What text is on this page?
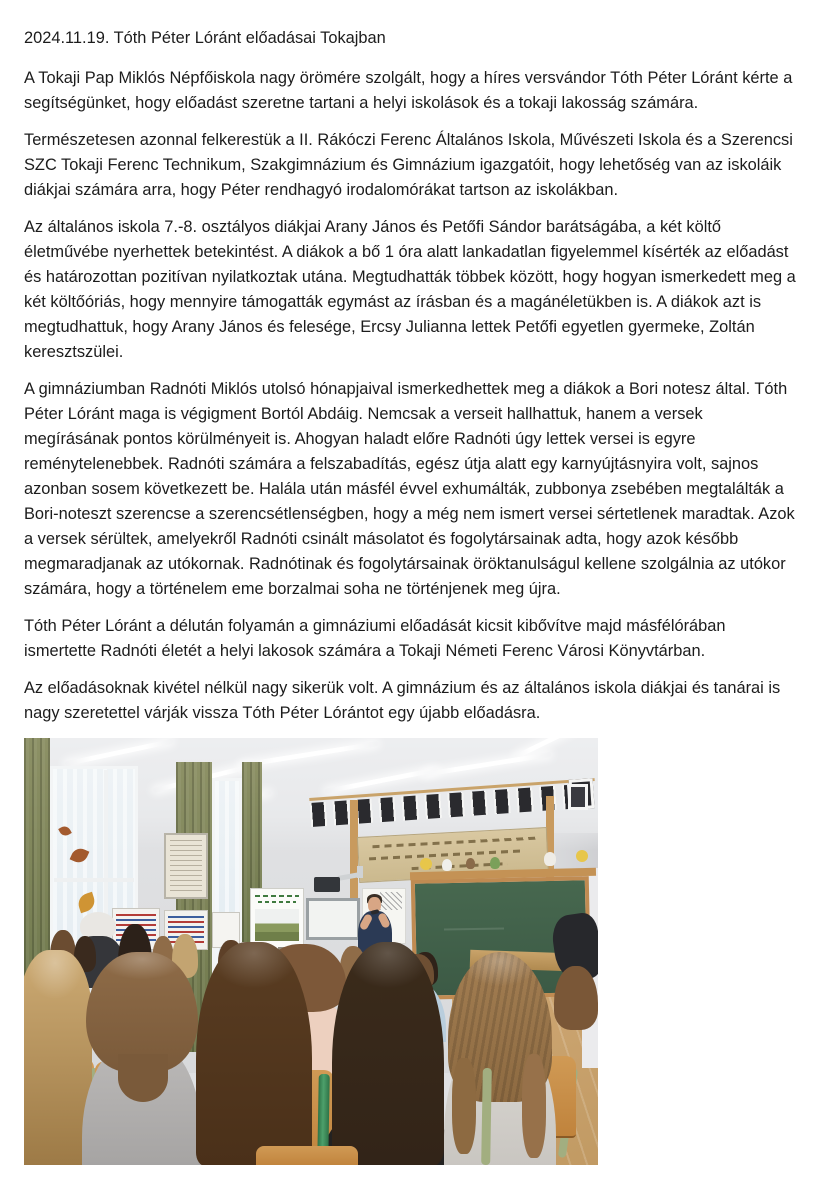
2024.11.19. Tóth Péter Lóránt előadásai Tokajban

A Tokaji Pap Miklós Népfőiskola nagy örömére szolgált, hogy a híres versvándor Tóth Péter Lóránt kérte a segítségünket, hogy előadást szeretne tartani a helyi iskolások és a tokaji lakosság számára.

Természetesen azonnal felkerestük a II. Rákóczi Ferenc Általános Iskola, Művészeti Iskola és a Szerencsi SZC Tokaji Ferenc Technikum, Szakgimnázium és Gimnázium igazgatóit, hogy lehetőség van az iskoláik diákjai számára arra, hogy Péter rendhagyó irodalomórákat tartson az iskolákban.

Az általános iskola 7.-8. osztályos diákjai Arany János és Petőfi Sándor barátságába, a két költő életművébe nyerhettek betekintést. A diákok a bő 1 óra alatt lankadatlan figyelemmel kísérték az előadást és határozottan pozitívan nyilatkoztak utána. Megtudhatták többek között, hogy hogyan ismerkedett meg a két költőóriás, hogy mennyire támogatták egymást az írásban és a magánéletükben is. A diákok azt is megtudhattuk, hogy Arany János és felesége, Ercsy Julianna lettek Petőfi egyetlen gyermeke, Zoltán keresztszülei.

A gimnáziumban Radnóti Miklós utolsó hónapjaival ismerkedhettek meg a diákok a Bori notesz által. Tóth Péter Lóránt maga is végigment Bortól Abdáig. Nemcsak a verseit hallhattuk, hanem a versek megírásának pontos körülményeit is. Ahogyan haladt előre Radnóti úgy lettek versei is egyre reménytelenebbek. Radnóti számára a felszabadítás, egész útja alatt egy karnyújtásnyira volt, sajnos azonban sosem következett be. Halála után másfél évvel exhumálták, zubbonya zsebében megtalálták a Bori-noteszt szerencse a szerencsétlenségben, hogy a még nem ismert versei sértetlenek maradtak. Azok a versek sérültek, amelyekről Radnóti csinált másolatot és fogolytársainak adta, hogy azok később megmaradjanak az utókornak. Radnótinak és fogolytársainak öröktanulságul kellene szolgálnia az utókor számára, hogy a történelem eme borzalmai soha ne történjenek meg újra.

Tóth Péter Lóránt a délután folyamán a gimnáziumi előadását kicsit kibővítve majd másfélórában ismertette Radnóti életét a helyi lakosok számára a Tokaji Németi Ferenc Városi Könyvtárban.

Az előadásoknak kivétel nélkül nagy sikerük volt. A gimnázium és az általános iskola diákjai és tanárai is nagy szeretettel várják vissza Tóth Péter Lórántot egy újabb előadásra.
